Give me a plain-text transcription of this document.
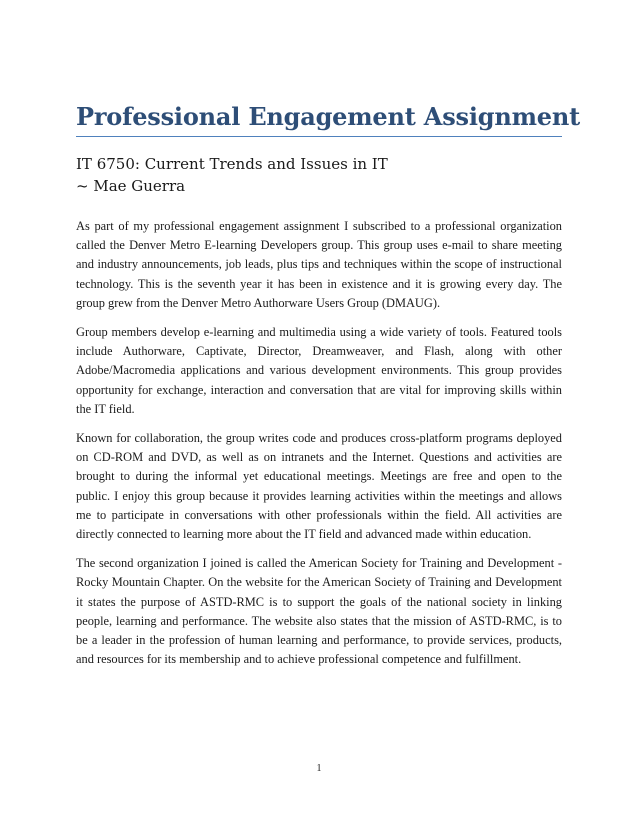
Professional Engagement Assignment

IT 6750: Current Trends and Issues in IT

~ Mae Guerra

As part of my professional engagement assignment I subscribed to a professional organization called the Denver Metro E-learning Developers group. This group uses e-mail to share meeting and industry announcements, job leads, plus tips and techniques within the scope of instructional technology. This is the seventh year it has been in existence and it is growing every day. The group grew from the Denver Metro Authorware Users Group (DMAUG).

Group members develop e-learning and multimedia using a wide variety of tools. Featured tools include Authorware, Captivate, Director, Dreamweaver, and Flash, along with other Adobe/Macromedia applications and various development environments. This group provides opportunity for exchange, interaction and conversation that are vital for improving skills within the IT field.

Known for collaboration, the group writes code and produces cross-platform programs deployed on CD-ROM and DVD, as well as on intranets and the Internet. Questions and activities are brought to during the informal yet educational meetings. Meetings are free and open to the public. I enjoy this group because it provides learning activities within the meetings and allows me to participate in conversations with other professionals within the field. All activities are directly connected to learning more about the IT field and advanced made within education.

The second organization I joined is called the American Society for Training and Development - Rocky Mountain Chapter. On the website for the American Society of Training and Development it states the purpose of ASTD-RMC is to support the goals of the national society in linking people, learning and performance. The website also states that the mission of ASTD-RMC, is to be a leader in the profession of human learning and performance, to provide services, products, and resources for its membership and to achieve professional competence and fulfillment.

1
